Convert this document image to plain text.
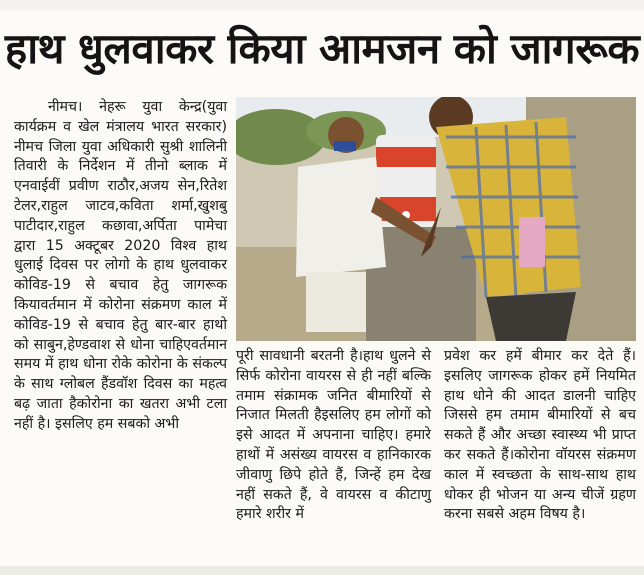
हाथ धुलवाकर किया आमजन को जागरूक

नीमच। नेहरू युवा केन्द्र(युवा कार्यक्रम व खेल मंत्रालय भारत सरकार) नीमच जिला युवा अधिकारी सुश्री शालिनी तिवारी के निर्देशन में तीनो ब्लाक में एनवाईवीं प्रवीण राठौर,अजय सेन,रितेश टेलर,राहुल जाटव,कविता शर्मा,खुशबु पाटीदार,राहुल कछावा,अर्पिता पामेचा द्वारा 15 अक्टूबर 2020 विश्व हाथ धुलाई दिवस पर लोगो के हाथ धुलवाकर कोविड-19 से बचाव हेतु जागरूक कियावर्तमान में कोरोना संक्रमण काल में कोविड-19 से बचाव हेतु बार-बार हाथो को साबुन,हेण्डवाश से धोना चाहिएवर्तमान समय में हाथ धोना रोके कोरोना के संकल्प के साथ ग्लोबल हैंडवॉश दिवस का महत्व बढ़ जाता हैकोरोना का खतरा अभी टला नहीं है। इसलिए हम सबको अभी

पूरी सावधानी बरतनी है।हाथ धुलने से सिर्फ कोरोना वायरस से ही नहीं बल्कि तमाम संक्रामक जनित बीमारियों से निजात मिलती हैइसलिए हम लोगों को इसे आदत में अपनाना चाहिए। हमारे हाथों में असंख्य वायरस व हानिकारक जीवाणु छिपे होते हैं, जिन्हें हम देख नहीं सकते हैं, वे वायरस व कीटाणु हमारे शरीर में

प्रवेश कर हमें बीमार कर देते हैं। इसलिए जागरूक होकर हमें नियमित हाथ धोने की आदत डालनी चाहिए जिससे हम तमाम बीमारियों से बच सकते हैं और अच्छा स्वास्थ्य भी प्राप्त कर सकते हैं।कोरोना वॉयरस संक्रमण काल में स्वच्छता के साथ-साथ हाथ धोकर ही भोजन या अन्य चीजें ग्रहण करना सबसे अहम विषय है।
